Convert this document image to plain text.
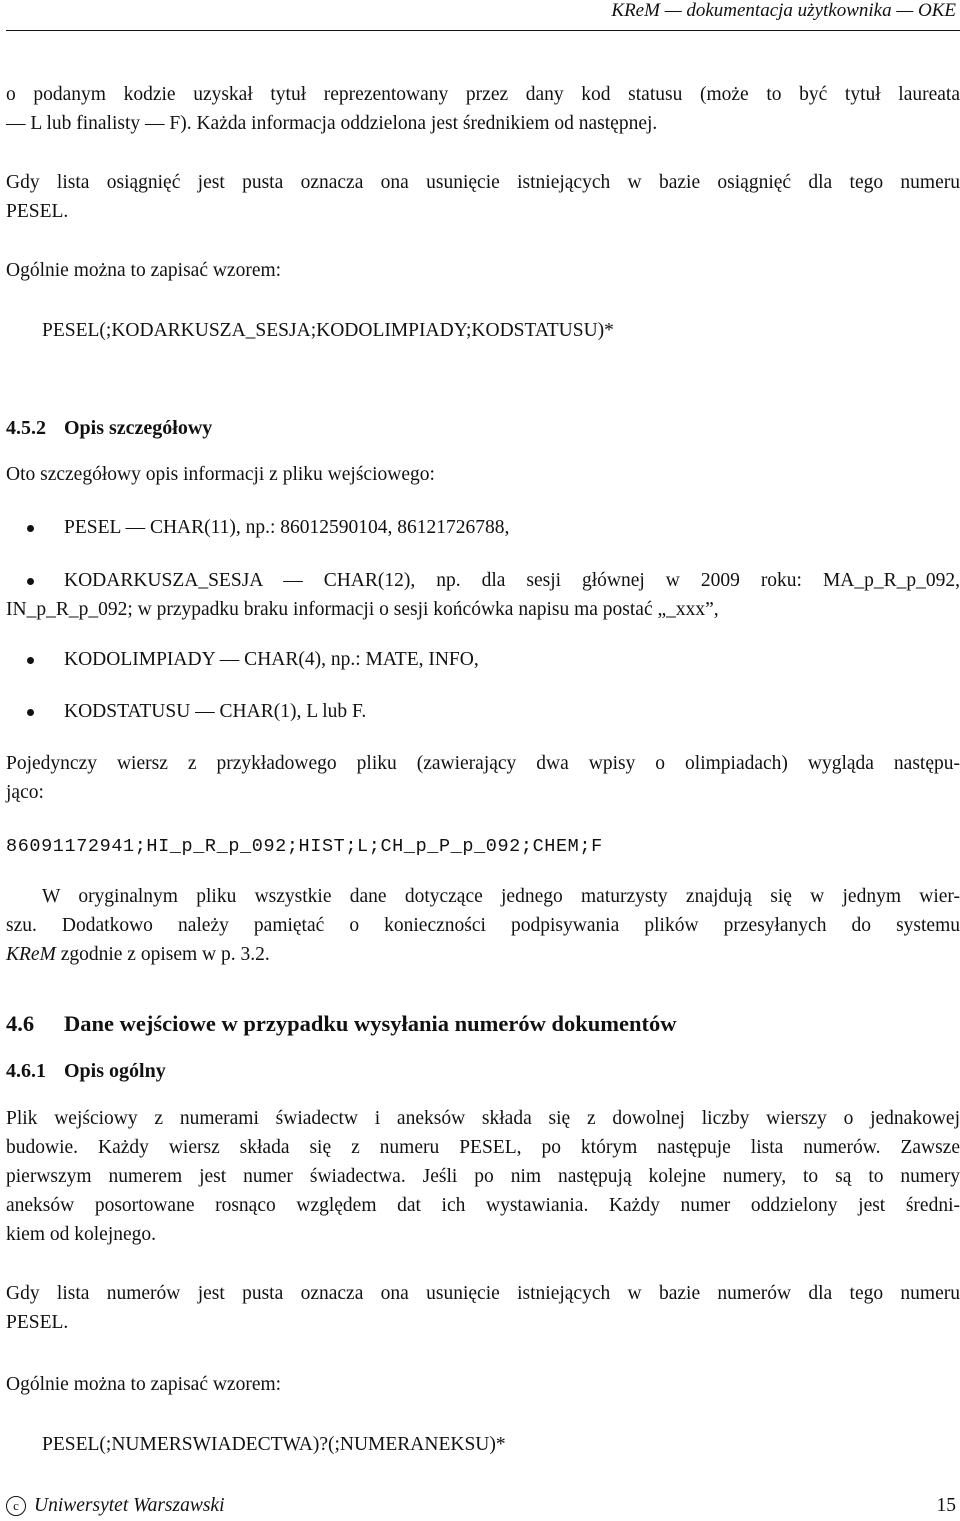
KReM — dokumentacja użytkownika — OKE
o podanym kodzie uzyskał tytuł reprezentowany przez dany kod statusu (może to być tytuł laureata
— L lub finalisty — F). Każda informacja oddzielona jest średnikiem od następnej.
Gdy lista osiągnięć jest pusta oznacza ona usunięcie istniejących w bazie osiągnięć dla tego numeru
PESEL.
Ogólnie można to zapisać wzorem:
PESEL(;KODARKUSZA_SESJA;KODOLIMPIADY;KODSTATUSU)*
4.5.2 Opis szczegółowy
Oto szczegółowy opis informacji z pliku wejściowego:
PESEL — CHAR(11), np.: 86012590104, 86121726788,
KODARKUSZA_SESJA — CHAR(12), np. dla sesji głównej w 2009 roku: MA_p_R_p_092,
IN_p_R_p_092; w przypadku braku informacji o sesji końcówka napisu ma postać „_xxx”,
KODOLIMPIADY — CHAR(4), np.: MATE, INFO,
KODSTATUSU — CHAR(1), L lub F.
Pojedynczy wiersz z przykładowego pliku (zawierający dwa wpisy o olimpiadach) wygląda następu-
jąco:
86091172941;HI_p_R_p_092;HIST;L;CH_p_P_p_092;CHEM;F
W oryginalnym pliku wszystkie dane dotyczące jednego maturzysty znajdują się w jednym wier-
szu. Dodatkowo należy pamiętać o konieczności podpisywania plików przesyłanych do systemu
KReM zgodnie z opisem w p. 3.2.
4.6 Dane wejściowe w przypadku wysyłania numerów dokumentów
4.6.1 Opis ogólny
Plik wejściowy z numerami świadectw i aneksów składa się z dowolnej liczby wierszy o jednakowej
budowie. Każdy wiersz składa się z numeru PESEL, po którym następuje lista numerów. Zawsze
pierwszym numerem jest numer świadectwa. Jeśli po nim następują kolejne numery, to są to numery
aneksów posortowane rosnąco względem dat ich wystawiania. Każdy numer oddzielony jest średni-
kiem od kolejnego.
Gdy lista numerów jest pusta oznacza ona usunięcie istniejących w bazie numerów dla tego numeru
PESEL.
Ogólnie można to zapisać wzorem:
PESEL(;NUMERSWIADECTWA)?(;NUMERANEKSU)*
c Uniwersytet Warszawski	15
